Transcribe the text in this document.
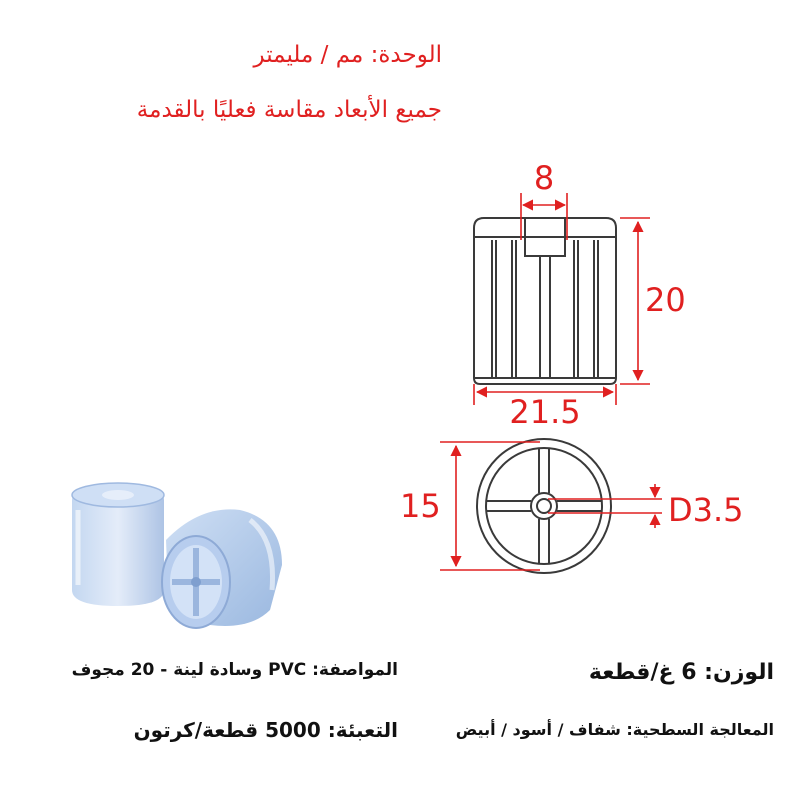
الوحدة: مم / مليمتر
جميع الأبعاد مقاسة فعليًا بالقدمة
8
20
21.5
15	D3.5
المواصفة: PVC وسادة لينة - 20 مجوف	الوزن: 6 غ/قطعة
التعبئة: 5000 قطعة/كرتون	المعالجة السطحية: شفاف / أسود / أبيض
